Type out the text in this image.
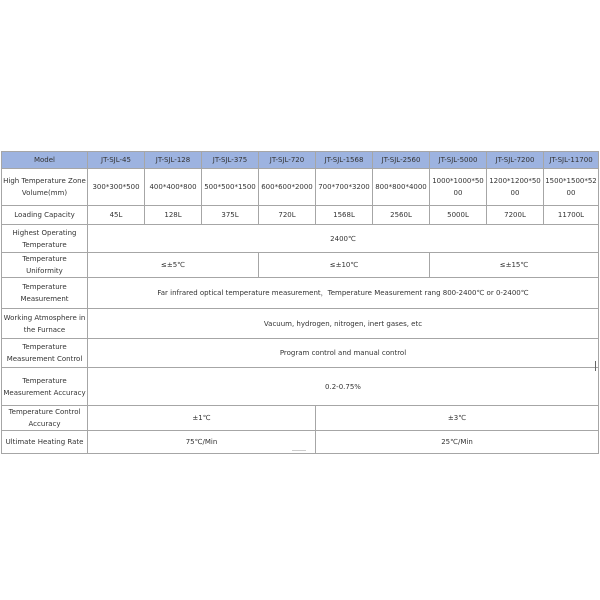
Model	JT-SJL-45	JT-SJL-128	JT-SJL-375	JT-SJL-720	JT-SJL-1568	JT-SJL-2560	JT-SJL-5000	JT-SJL-7200	JT-SJL-11700
High Temperature Zone Volume(mm)	300*300*500	400*400*800	500*500*1500	600*600*2000	700*700*3200	800*800*4000	1000*1000*5000	1200*1200*5000	1500*1500*5200
Loading Capacity	45L	128L	375L	720L	1568L	2560L	5000L	7200L	11700L
Highest Operating Temperature	2400℃								
Temperature Uniformity	≤±5℃			≤±10℃			≤±15℃		
Temperature Measurement	Far infrared optical temperature measurement，Temperature Measurement rang 800-2400℃ or 0-2400℃								
Working Atmosphere in the Furnace	Vacuum, hydrogen, nitrogen, inert gases, etc								
Temperature Measurement Control	Program control and manual control								
Temperature Measurement Accuracy	0.2-0.75%								
Temperature Control Accuracy	±1℃				±3℃				
Ultimate Heating Rate	75℃/Min				25℃/Min				
